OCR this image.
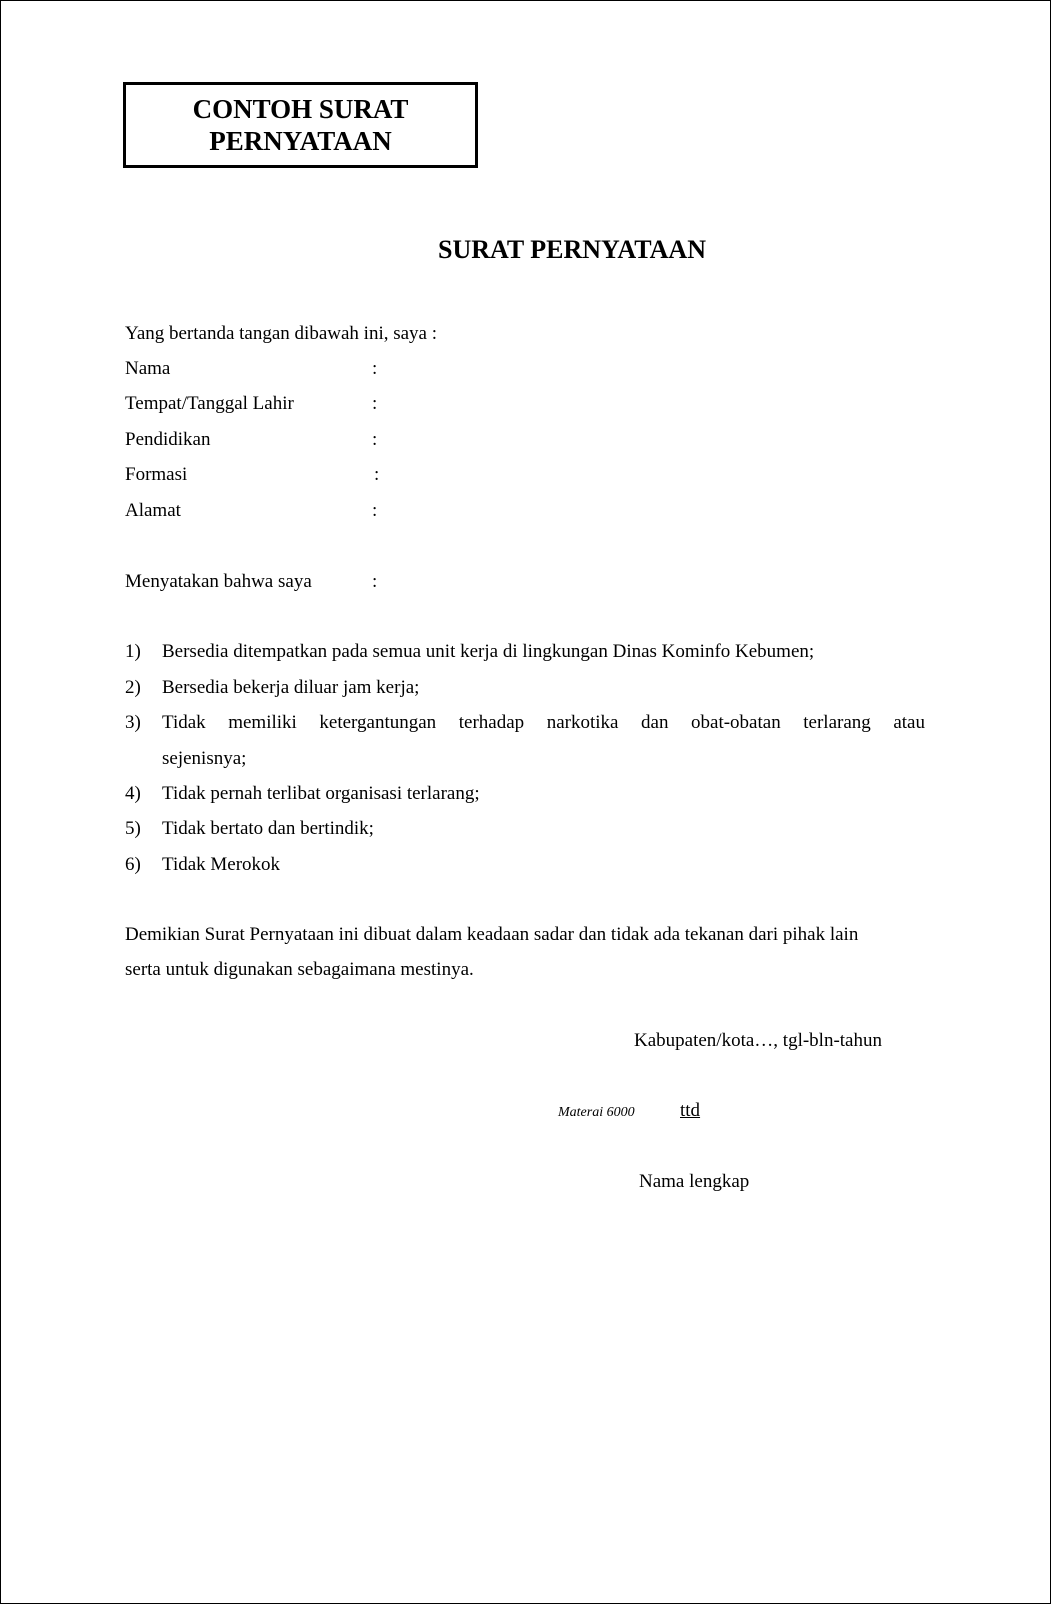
CONTOH SURAT
PERNYATAAN
SURAT PERNYATAAN
Yang bertanda tangan dibawah ini, saya :
Nama	:
Tempat/Tanggal Lahir	:
Pendidikan	:
Formasi	:
Alamat	:
Menyatakan bahwa saya	:
1) Bersedia ditempatkan pada semua unit kerja di lingkungan Dinas Kominfo Kebumen;
2) Bersedia bekerja diluar jam kerja;
3) Tidak memiliki ketergantungan terhadap narkotika dan obat-obatan terlarang atau
sejenisnya;
4) Tidak pernah terlibat organisasi terlarang;
5) Tidak bertato dan bertindik;
6) Tidak Merokok
Demikian Surat Pernyataan ini dibuat dalam keadaan sadar dan tidak ada tekanan dari pihak lain
serta untuk digunakan sebagaimana mestinya.
Kabupaten/kota…, tgl-bln-tahun
Materai 6000 ttd
Nama lengkap
